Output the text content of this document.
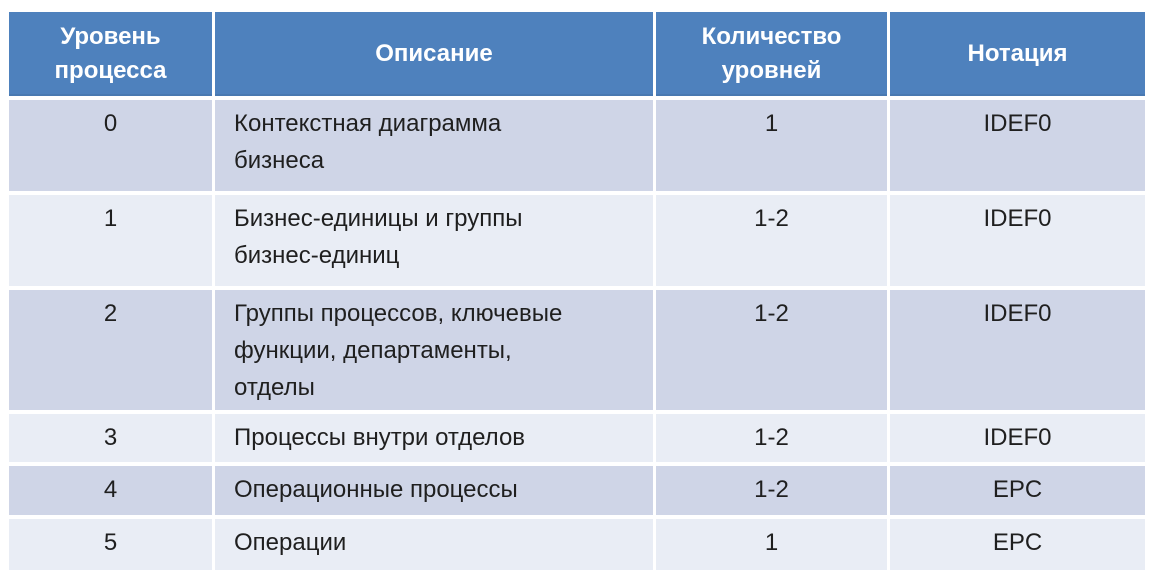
Уровень процесса	Описание	Количество уровней	Нотация
0	Контекстная диаграмма бизнеса	1	IDEF0
1	Бизнес-единицы и группы бизнес-единиц	1-2	IDEF0
2	Группы процессов, ключевые функции, департаменты, отделы	1-2	IDEF0
3	Процессы внутри отделов	1-2	IDEF0
4	Операционные процессы	1-2	EPC
5	Операции	1	EPC
